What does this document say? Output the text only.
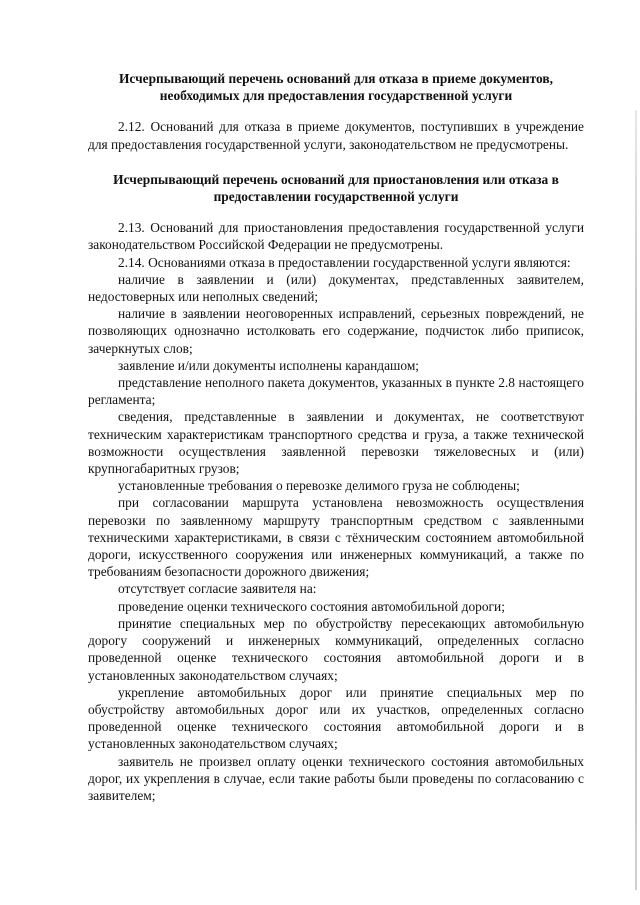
Исчерпывающий перечень оснований для отказа в приеме документов, необходимых для предоставления государственной услуги

2.12. Оснований для отказа в приеме документов, поступивших в учреждение для предоставления государственной услуги, законодательством не предусмотрены.

Исчерпывающий перечень оснований для приостановления или отказа в предоставлении государственной услуги

2.13. Оснований для приостановления предоставления государственной услуги законодательством Российской Федерации не предусмотрены.

2.14. Основаниями отказа в предоставлении государственной услуги являются:

наличие в заявлении и (или) документах, представленных заявителем, недостоверных или неполных сведений;

наличие в заявлении неоговоренных исправлений, серьезных повреждений, не позволяющих однозначно истолковать его содержание, подчисток либо приписок, зачеркнутых слов;

заявление и/или документы исполнены карандашом;

представление неполного пакета документов, указанных в пункте 2.8 настоящего регламента;

сведения, представленные в заявлении и документах, не соответствуют техническим характеристикам транспортного средства и груза, а также технической возможности осуществления заявленной перевозки тяжеловесных и (или) крупногабаритных грузов;

установленные требования о перевозке делимого груза не соблюдены;

при согласовании маршрута установлена невозможность осуществления перевозки по заявленному маршруту транспортным средством с заявленными техническими характеристиками, в связи с тёхническим состоянием автомобильной дороги, искусственного сооружения или инженерных коммуникаций, а также по требованиям безопасности дорожного движения;

отсутствует согласие заявителя на:

проведение оценки технического состояния автомобильной дороги;

принятие специальных мер по обустройству пересекающих автомобильную дорогу сооружений и инженерных коммуникаций, определенных согласно проведенной оценке технического состояния автомобильной дороги и в установленных законодательством случаях;

укрепление автомобильных дорог или принятие специальных мер по обустройству автомобильных дорог или их участков, определенных согласно проведенной оценке технического состояния автомобильной дороги и в установленных законодательством случаях;

заявитель не произвел оплату оценки технического состояния автомобильных дорог, их укрепления в случае, если такие работы были проведены по согласованию с заявителем;
